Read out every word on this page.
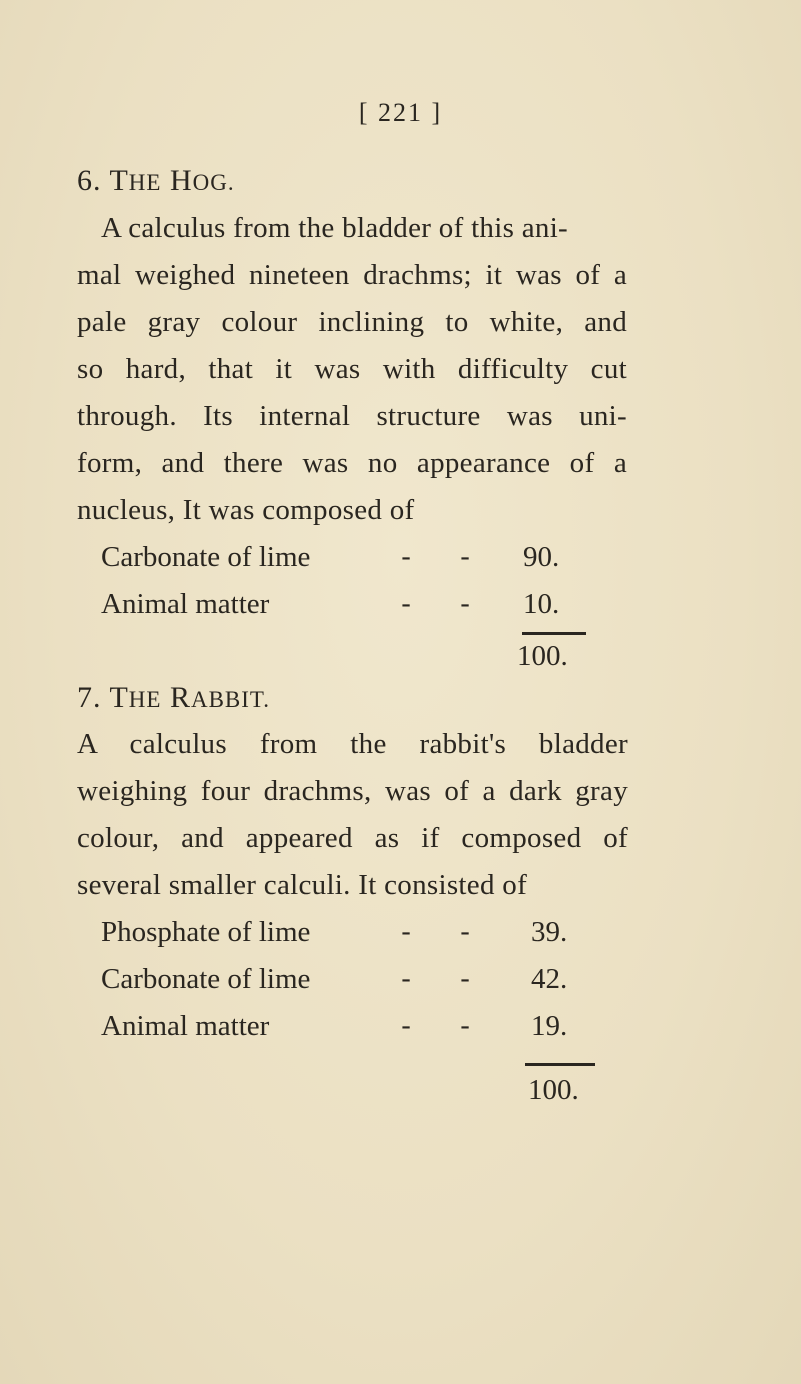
[ 221 ]
6. THE HOG.
A calculus from the bladder of this ani-
mal weighed nineteen drachms; it was of a
pale gray colour inclining to white, and
so hard, that it was with difficulty cut
through. Its internal structure was uni-
form, and there was no appearance of a
nucleus, It was composed of
Carbonate of lime	- - 90.
Animal matter	- - 10.
100.
7. THE RABBIT.
A calculus from the rabbit's bladder
weighing four drachms, was of a dark gray
colour, and appeared as if composed of
several smaller calculi. It consisted of
Phosphate of lime	- - 39.
Carbonate of lime	- - 42.
Animal matter	- - 19.
100.
